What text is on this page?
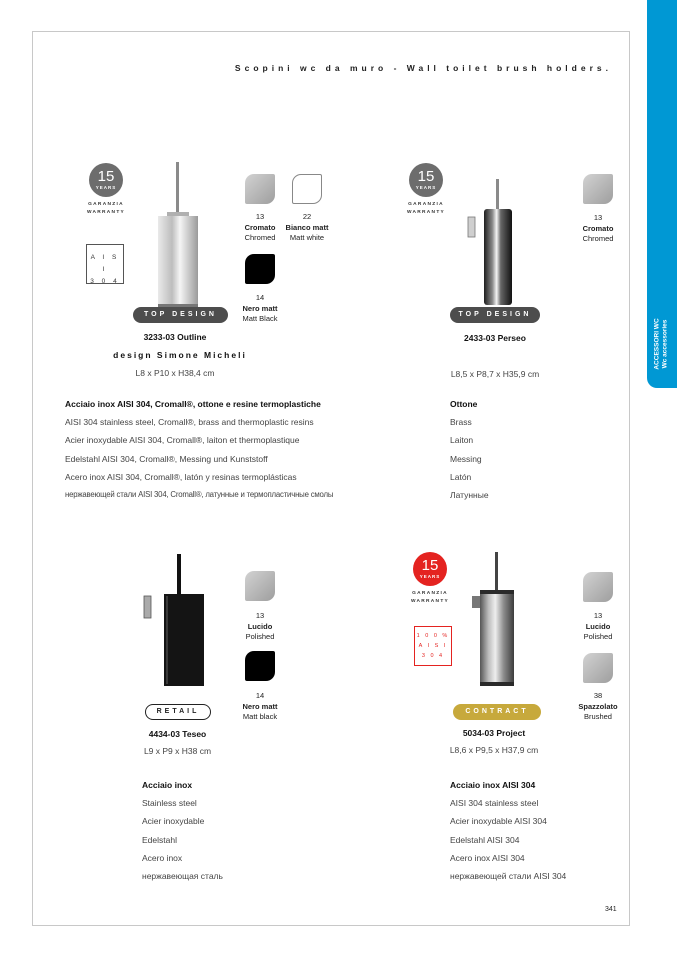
ACCESSORI WC Wc accessories
Scopini wc da muro - Wall toilet brush holders.
15
YEARS
GARANZIA
WARRANTY
A I S I
3 0 4
13
Cromato
Chromed
22
Bianco matt
Matt white
14
Nero matt
Matt Black
TOP DESIGN
3233-03 Outline
design Simone Micheli
L8 x P10 x H38,4 cm
Acciaio inox AISI 304, Cromall®, ottone e resine termoplastiche
AISI 304 stainless steel, Cromall®, brass and thermoplastic resins
Acier inoxydable AISI 304, Cromall®, laiton et thermoplastique
Edelstahl AISI 304, Cromall®, Messing und Kunststoff
Acero inox AISI 304, Cromall®, latón y resinas termoplásticas
нержавеющей стали AISI 304, Cromall®, латунные и термопластичные смолы
15
YEARS
GARANZIA
WARRANTY
13
Cromato
Chromed
TOP DESIGN
2433-03 Perseo
L8,5 x P8,7 x H35,9 cm
Ottone
Brass
Laiton
Messing
Latón
Латунные
13
Lucido
Polished
14
Nero matt
Matt black
RETAIL
4434-03 Teseo
L9 x P9 x H38 cm
Acciaio inox
Stainless steel
Acier inoxydable
Edelstahl
Acero inox
нержавеющая сталь
15
YEARS
GARANZIA
WARRANTY
1 0 0 %
A I S I
3 0 4
13
Lucido
Polished
38
Spazzolato
Brushed
CONTRACT
5034-03 Project
L8,6 x P9,5 x H37,9 cm
Acciaio inox AISI 304
AISI 304 stainless steel
Acier inoxydable AISI 304
Edelstahl AISI 304
Acero inox AISI 304
нержавеющей стали AISI 304
341
